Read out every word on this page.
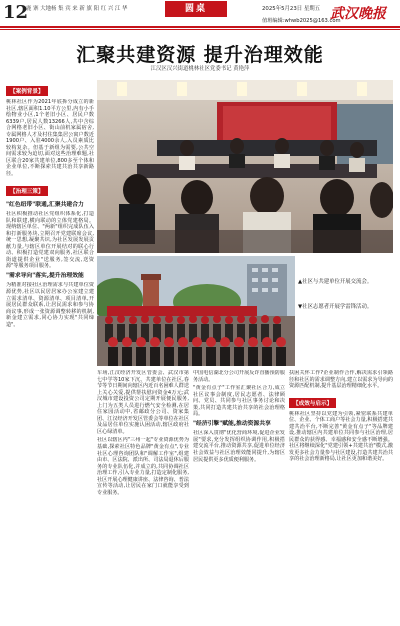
12
鹿 寨 大地杨 集 宾 来 新 旗 阳 红 兴 江 华	圆桌	2025年5月23日 星期五 武汉晚报
值班编辑:whwb2025@163.com
汇聚共建资源 提升治理效能
江汉区汉兴街道桃林社区党委书记 黄艳萍
【案例背景】
桃林社区作为2021年底拆分成立的新社区,辖区面积1.10平方公里,内有小手绘物业小区,1个老旧小区、居民户数6339户,居民人数13266人,共中含综合网格老旧小区、街山前机家属宿舍,专属网格人才及村住集集居公寓户数近1900户、入驻4000余人,入员素质比较构复杂。但基于新组为需要,公共空间需求较为迫切,面对这些治理难题,社区联合20家共建单位,800多至个体和企业单位,不断探索共建共治共享新路径。
【治理三策】
"红色纽带"联通,汇聚共建合力
社区积极推动社区党组织体系化,打造队和联建,横向联动的立体党建格局。现纳辖区单位、"两新"组织完成队伍入和打新服务块,立期召开党建联席会议,统一思想,凝聚共识,为社区发展发展贡献力量,与辖区单位开展结对的联心行动、积极打造党建双向服务,社区联合街道提供企业"送服务,签交流,送资源"等服务项目服务。
"需求导向"落实,提升治理效能
为精准对接社区治理需求与共建单位资源优势,社区以民居居家办公室建立建立需求清单、资源清单、项目清单,开展居民群众联系,让居民需求和参与协商议事,形成一张资源调整转移的机制,新金建立需求,同心协力实现"共同缔造"。
▲社区与共建单位开展交流会。
▼社区志愿者开展学雷锋活动。
车场,江汉经济开发区管委会、武汉市第七中学等10家下沉、共建单位在社区,春节等节日期间向辖区内近百名困难人群送上关心关爱,提供帮扶慰问资金4万元;武汉城市建设投资公司定期开展便民服务,上门为五类人员进行燃气安全检测,在居住家园活动中,省邮政分公司、资家集团、江汉经济开发区管委会等单位在社区及品居住单位实施认困活动,辖区政府社区心绿清单。
社区以辖区内"三州一起"专业资源优势为基础,探索社区特色品牌"黄金有点",专业社区心理咨询团队和"调解工作室",组建由市、区法院、派出所、司法局退休后服务的专业队伍化,并成立的,共同协调社区治理工作,引入专业力量,打造定制化服务,社区开展心理健康讲座、法律咨询、普法宣传等活动,让居民在家门口就能享受到专业服务。
中国电信湖北分公司开展反诈直播预防服务活动。
"黄金有点子"工作室汇聚社区合力,成立社区议事会制度,居民志愿者、法律顾问、党员、共同参与社区事务讨论和决策,共同打造共建共治共享的社会治理格局。
"经济引擎"赋能,推动资源共享
社区深入贯彻"优化营商环境,促进企业发展"要求,充分发挥组织协调作用,积极搭建交流平台,推动资源共享,促进单位经济社会效益与社区治理效能同提升,为辖区居民提供更多优质便利服务。
扶困关怀工作?企业制作合作,解决需求引领路径和社区的需求调整方向,建立以需求为导向的资源匹配机制,提升基层治理精细化水平。
【成效与启示】
桃林社区坚持以党建为引领,紧密联系共建单位、企业、个体工商户等社会力量,积极搭建共建共治平台,不断完善"黄金有点子"等品牌建设,推动辖区内共建单位共同参与社区治理,居民群众的获得感、幸福感和安全感不断增强。社区将继续深化"党建引领+共建共治"模式,激发更多社会力量参与社区建设,打造共建共治共享的社会治理新格局,让社区更加和谐美好。
